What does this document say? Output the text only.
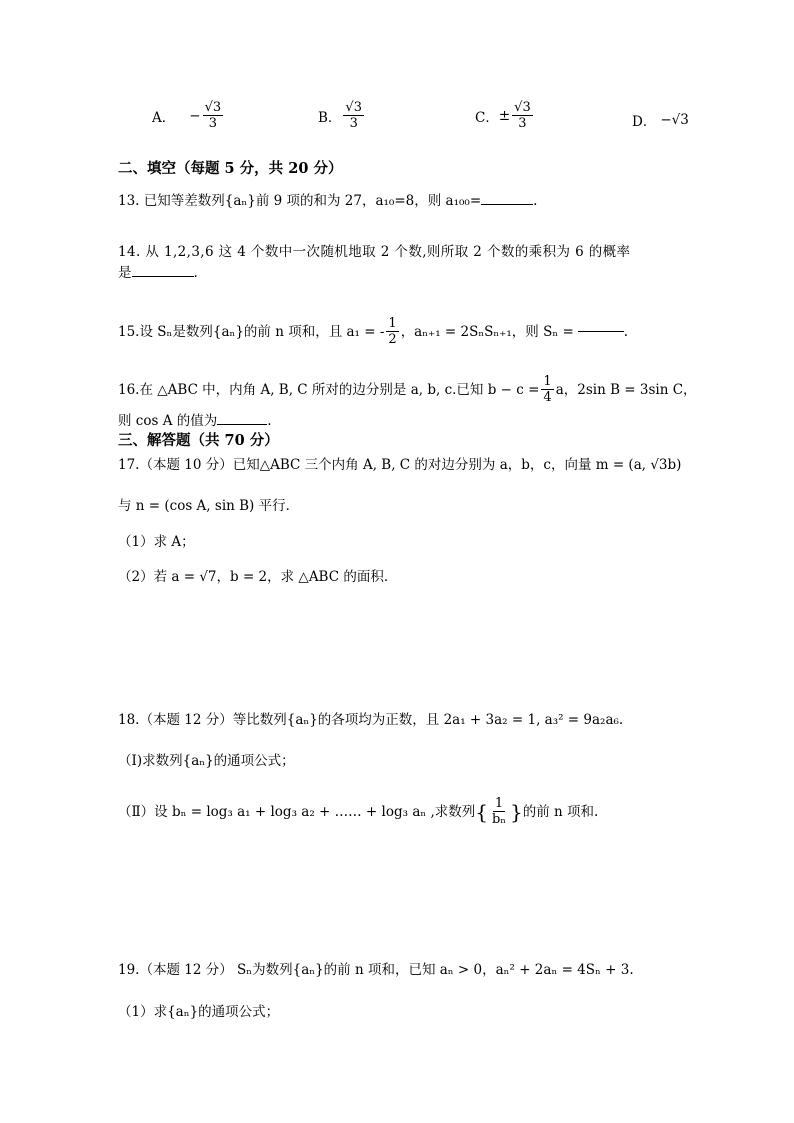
A． − $\frac{√3}{3}$	B． $\frac{√3}{3}$	C． ± $\frac{√3}{3}$	D． −√3
二、填空（每题 5 分，共 20 分）
13. 已知等差数列{aₙ}前 9 项的和为 27，a₁₀=8，则 a₁₀₀=	.
14. 从 1,2,3,6 这 4 个数中一次随机地取 2 个数,则所取 2 个数的乘积为 6 的概率
是	.
15.设 Sₙ是数列{aₙ}的前 n 项和，且 a₁ = - $\frac{1}{2}$ ，aₙ₊₁ = 2SₙSₙ₊₁，则 Sₙ =	.
16.在 △ABC 中，内角 A, B, C 所对的边分别是 a, b, c.已知 $b - c = \frac{1}{4}$ a，2sin B = 3sin C，
则 cos A 的值为	.
三、解答题（共 70 分）
17.（本题 10 分）已知△ABC 三个内角 A, B, C 的对边分别为 a，b，c，向量 m = (a, √3b)
与 n = (cos A, sin B) 平行．
（1）求 A；
（2）若 a = √7，b = 2，求 △ABC 的面积．
18.（本题 12 分）等比数列{aₙ}的各项均为正数，且 2a₁ + 3a₂ = 1, a₃² = 9a₂a₆.
（Ⅰ)求数列{aₙ}的通项公式；
（Ⅱ）设 bₙ = log₃ a₁ + log₃ a₂ + …… + log₃ aₙ ,求数列 { $\frac{1}{\text{bₙ}}$ } 的前 n 项和.
19.（本题 12 分） Sₙ为数列{aₙ}的前 n 项和，已知 aₙ > 0，aₙ² + 2aₙ = 4Sₙ + 3.
（1）求{aₙ}的通项公式；
